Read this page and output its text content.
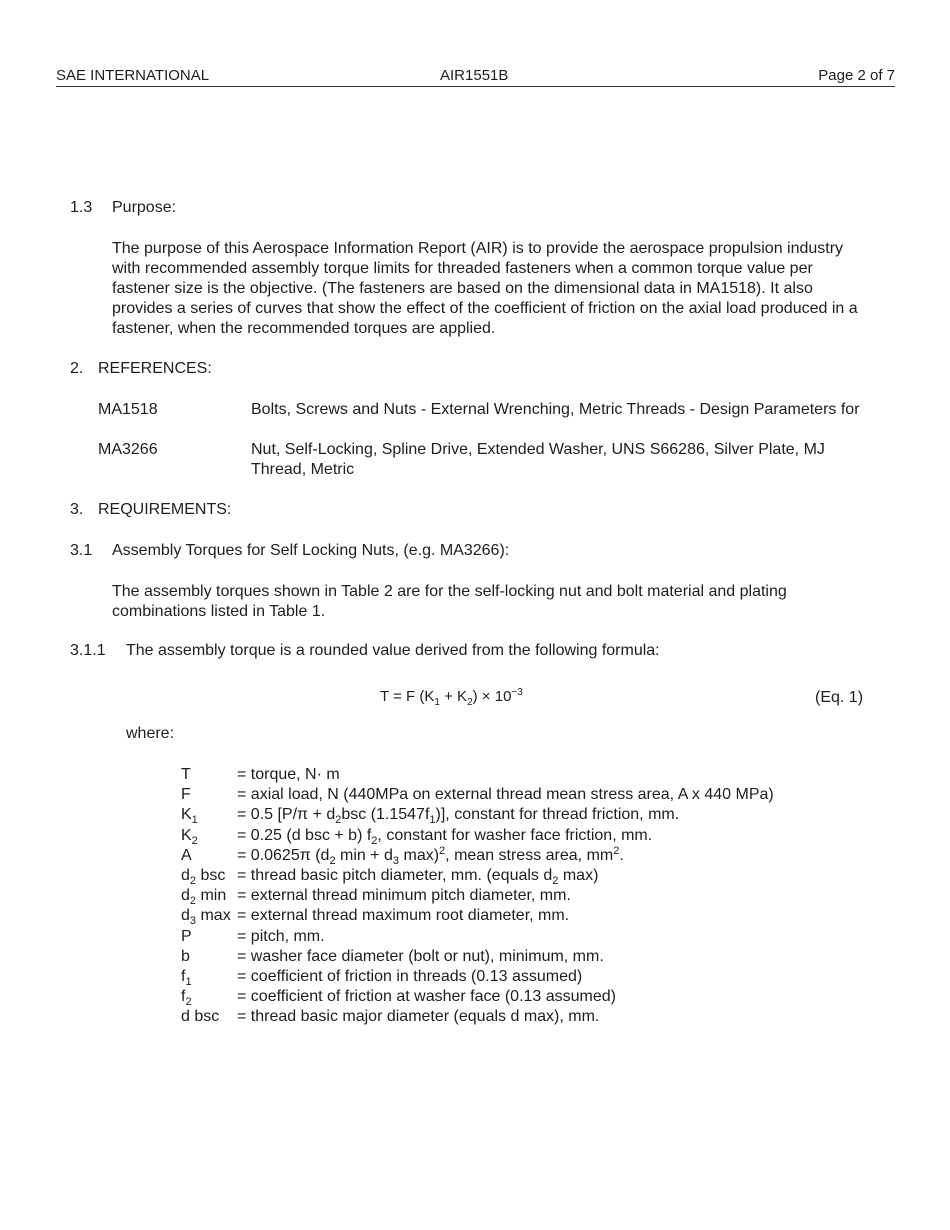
SAE INTERNATIONAL	AIR1551B	Page 2 of 7
1.3 Purpose:
The purpose of this Aerospace Information Report (AIR) is to provide the aerospace propulsion industry with recommended assembly torque limits for threaded fasteners when a common torque value per fastener size is the objective. (The fasteners are based on the dimensional data in MA1518). It also provides a series of curves that show the effect of the coefficient of friction on the axial load produced in a fastener, when the recommended torques are applied.
2. REFERENCES:
MA1518	Bolts, Screws and Nuts - External Wrenching, Metric Threads - Design Parameters for
MA3266	Nut, Self-Locking, Spline Drive, Extended Washer, UNS S66286, Silver Plate, MJ Thread, Metric
3. REQUIREMENTS:
3.1 Assembly Torques for Self Locking Nuts, (e.g. MA3266):
The assembly torques shown in Table 2 are for the self-locking nut and bolt material and plating combinations listed in Table 1.
3.1.1 The assembly torque is a rounded value derived from the following formula:
T = F $(K_1 + K_2) \times 10^{-3}$	(Eq. 1)
where:
T	= torque, N· m
F	= axial load, N (440MPa on external thread mean stress area, A x 440 MPa)
$K_1 = 0.5$ [$P/\pi + d_2bsc$ $(1.1547f_1)$], constant for thread friction, mm.
$K_2 = 0.25$ (d bsc + b) $f_2$, constant for washer face friction, mm.
A	= 0.0625π ($d_2$ $\min + d_3$ max)$^2$, mean stress area, $mm^2$.
$d_2$ bsc = thread basic pitch diameter, mm. (equals $d_2$ max)
$d_2$ min = external thread minimum pitch diameter, mm.
$d_3$ max = external thread maximum root diameter, mm.
P	= pitch, mm.
b	= washer face diameter (bolt or nut), minimum, mm.
$f_1$	= coefficient of friction in threads (0.13 assumed)
$f_2$	= coefficient of friction at washer face (0.13 assumed)
d bsc = thread basic major diameter (equals d max), mm.
